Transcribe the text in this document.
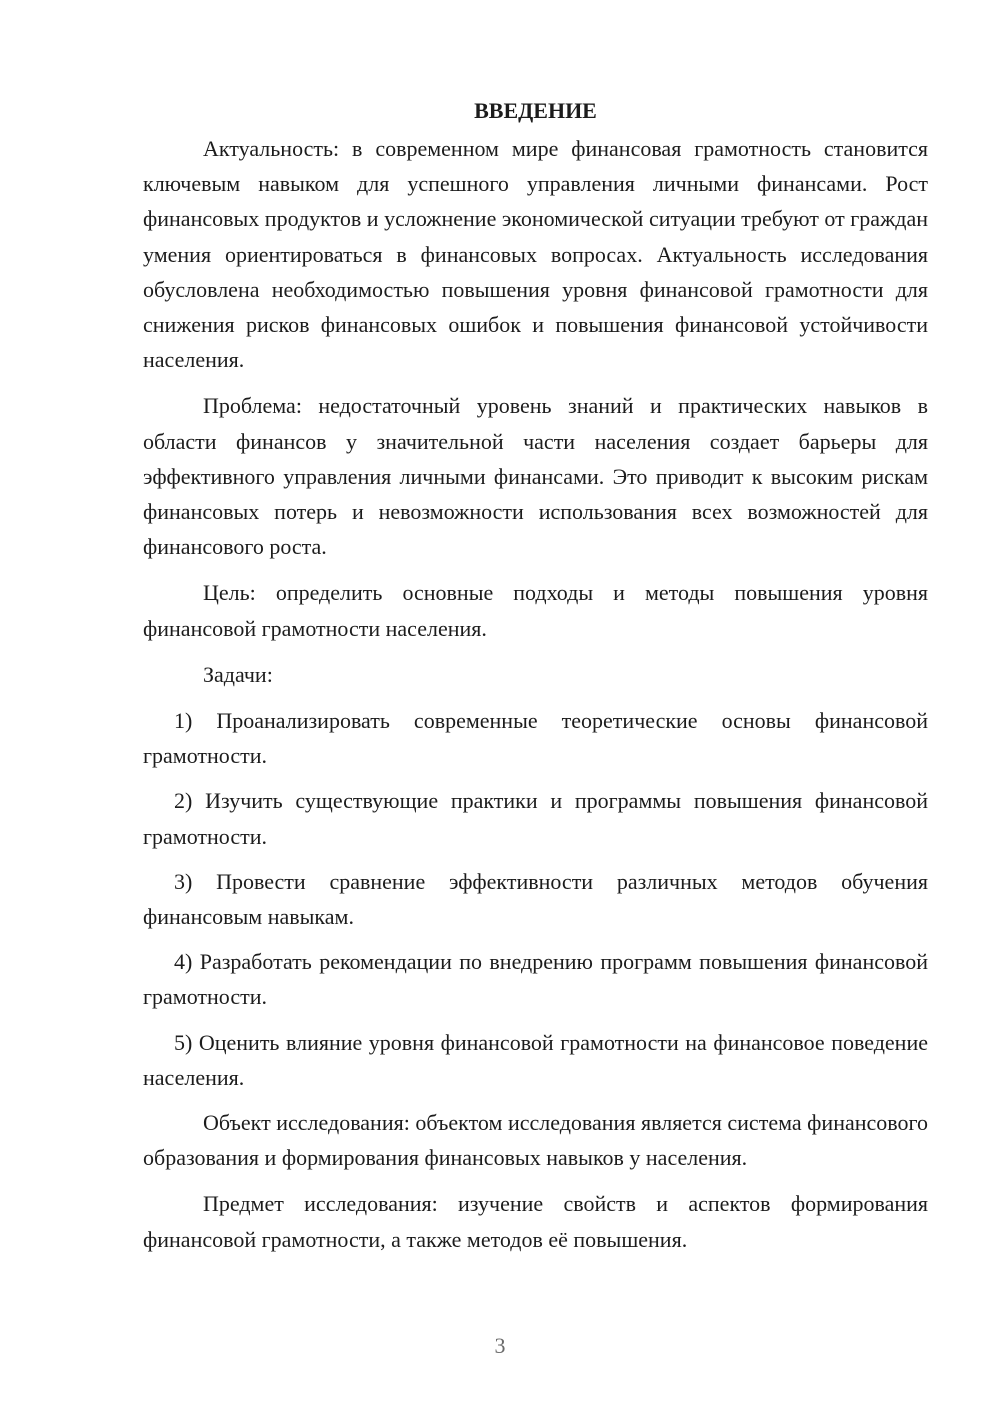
ВВЕДЕНИЕ

Актуальность: в современном мире финансовая грамотность становится ключевым навыком для успешного управления личными финансами. Рост финансовых продуктов и усложнение экономической ситуации требуют от граждан умения ориентироваться в финансовых вопросах. Актуальность исследования обусловлена необходимостью повышения уровня финансовой грамотности для снижения рисков финансовых ошибок и повышения финансовой устойчивости населения.

Проблема: недостаточный уровень знаний и практических навыков в области финансов у значительной части населения создает барьеры для эффективного управления личными финансами. Это приводит к высоким рискам финансовых потерь и невозможности использования всех возможностей для финансового роста.

Цель: определить основные подходы и методы повышения уровня финансовой грамотности населения.

Задачи:

1) Проанализировать современные теоретические основы финансовой грамотности.

2) Изучить существующие практики и программы повышения финансовой грамотности.

3) Провести сравнение эффективности различных методов обучения финансовым навыкам.

4) Разработать рекомендации по внедрению программ повышения финансовой грамотности.

5) Оценить влияние уровня финансовой грамотности на финансовое поведение населения.

Объект исследования: объектом исследования является система финансового образования и формирования финансовых навыков у населения.

Предмет исследования: изучение свойств и аспектов формирования финансовой грамотности, а также методов её повышения.

3
